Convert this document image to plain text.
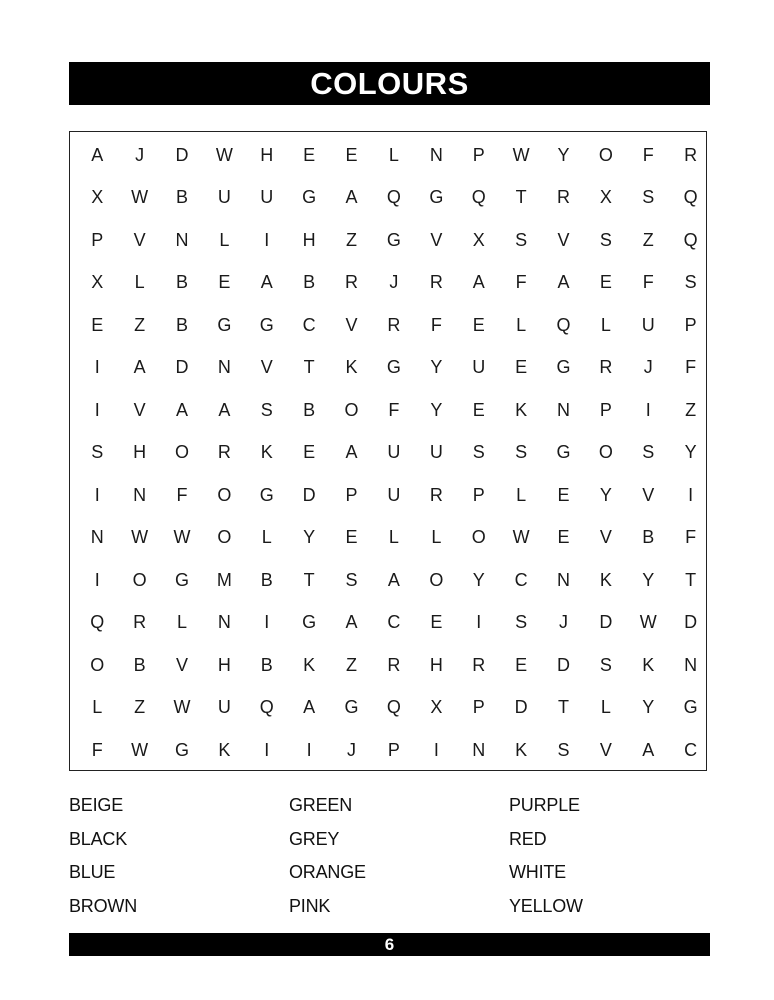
COLOURS
A	J	D	W	H	E	E	L	N	P	W	Y	O	F	R
X	W	B	U	U	G	A	Q	G	Q	T	R	X	S	Q
P	V	N	L	I	H	Z	G	V	X	S	V	S	Z	Q
X	L	B	E	A	B	R	J	R	A	F	A	E	F	S
E	Z	B	G	G	C	V	R	F	E	L	Q	L	U	P
I	A	D	N	V	T	K	G	Y	U	E	G	R	J	F
I	V	A	A	S	B	O	F	Y	E	K	N	P	I	Z
S	H	O	R	K	E	A	U	U	S	S	G	O	S	Y
I	N	F	O	G	D	P	U	R	P	L	E	Y	V	I
N	W	W	O	L	Y	E	L	L	O	W	E	V	B	F
I	O	G	M	B	T	S	A	O	Y	C	N	K	Y	T
Q	R	L	N	I	G	A	C	E	I	S	J	D	W	D
O	B	V	H	B	K	Z	R	H	R	E	D	S	K	N
L	Z	W	U	Q	A	G	Q	X	P	D	T	L	Y	G
F	W	G	K	I	I	J	P	I	N	K	S	V	A	C
BEIGE	GREEN	PURPLE
BLACK	GREY	RED
BLUE	ORANGE	WHITE
BROWN	PINK	YELLOW
6
